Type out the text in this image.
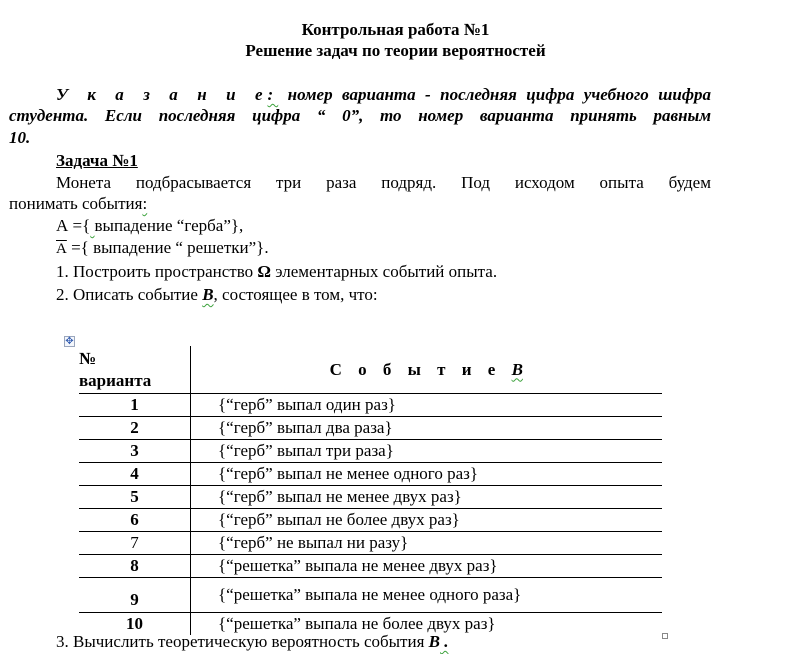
Контрольная работа №1
Решение задач по теории вероятностей
У к а з а н и е: номер варианта - последняя цифра учебного шифра
студента. Если последняя цифра “ 0”, то номер варианта принять равным
10.
Задача №1
Монета подбрасывается три раза подряд. Под исходом опыта будем
понимать события:
А ={ выпадение “герба”},
А ={ выпадение “ решетки”}.
1. Построить пространство Ω элементарных событий опыта.
2. Описать событие B, состоящее в том, что:
✥
№
варианта	С о б ы т и е B
1	{“герб” выпал один раз}
2	{“герб” выпал два раза}
3	{“герб” выпал три раза}
4	{“герб” выпал не менее одного раз}
5	{“герб” выпал не менее двух раз}
6	{“герб” выпал не более двух раз}
7	{“герб” не выпал ни разу}
8	{“решетка” выпала не менее двух раз}
9	{“решетка” выпала не менее одного раза}
10	{“решетка” выпала не более двух раз}
3. Вычислить теоретическую вероятность события B .
